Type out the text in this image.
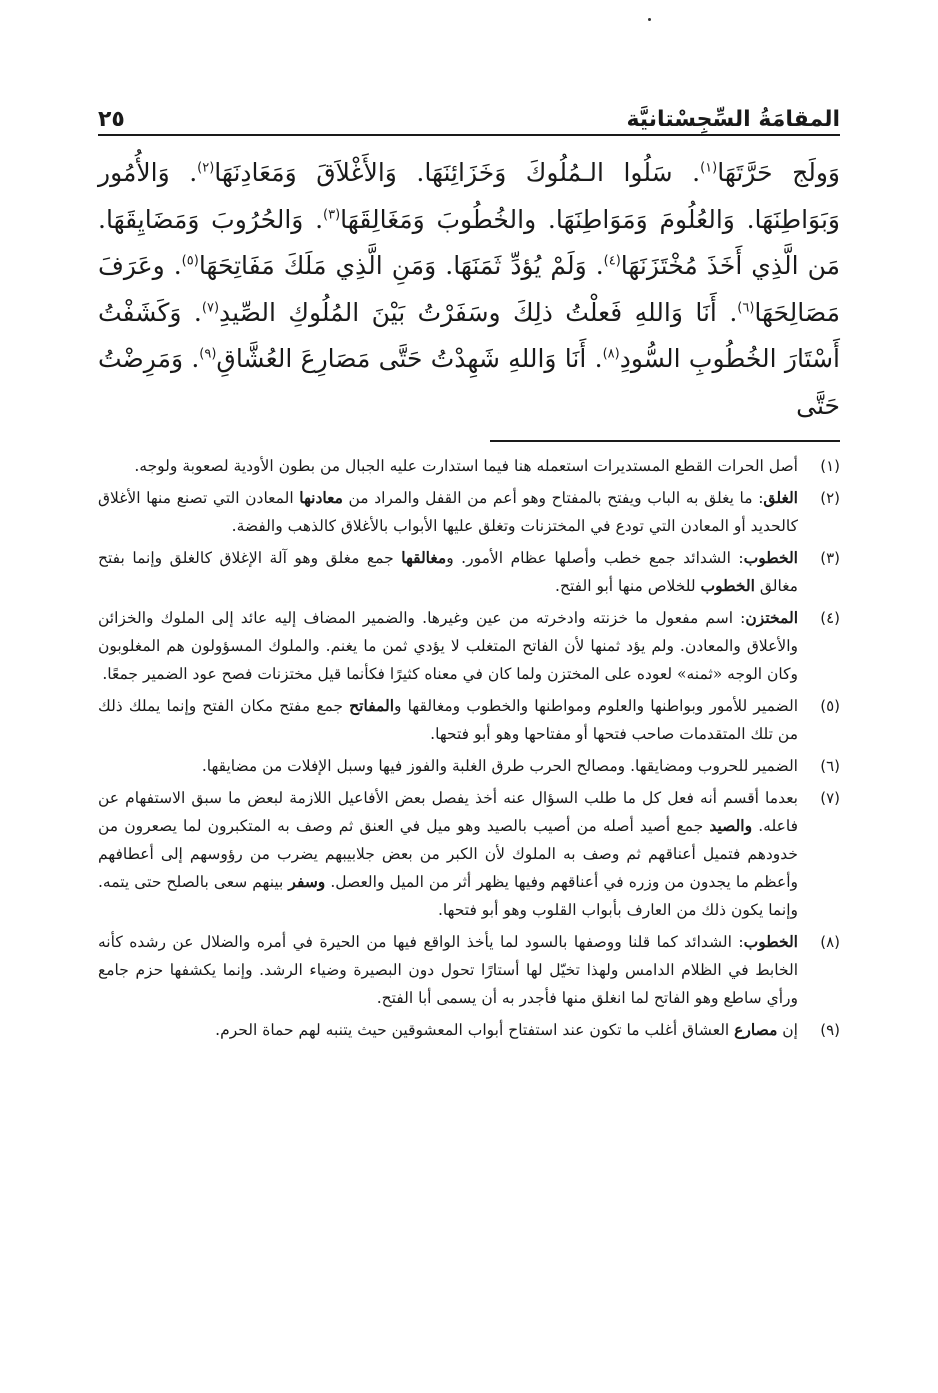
٢٥	المقامَةُ السِّجِسْتانيَّة
وَولَج حَرَّتَهَا$^{(١)}$. سَلُوا الـمُلُوكَ وَخَزَائِنَهَا. وَالأَغْلاَقَ وَمَعَادِنَهَا$^{(٢)}$. وَالأُمُور وَبَوَاطِنَهَا. وَالعُلُومَ وَمَوَاطِنَهَا. والخُطُوبَ وَمَغَالِقَهَا$^{(٣)}$. وَالحُرُوبَ وَمَضَايِقَهَا. مَن الَّذِي أَخَذَ مُخْتَزَنَهَا$^{(٤)}$. وَلَمْ يُؤدِّ ثَمَنَهَا. وَمَنِ الَّذِي مَلَكَ مَفَاتِحَهَا$^{(٥)}$. وعَرَفَ مَصَالِحَهَا$^{(٦)}$. أَنَا وَاللهِ فَعلْتُ ذلِكَ وسَفَرْتُ بَيْنَ المُلُوكِ الصِّيدِ$^{(٧)}$. وَكَشَفْتُ أَسْتَارَ الخُطُوبِ السُّودِ$^{(٨)}$. أَنَا وَاللهِ شَهِدْتُ حَتَّى مَصَارِعَ العُشَّاقِ$^{(٩)}$. وَمَرِضْتُ حَتَّى
(١)
أصل الحرات القطع المستديرات استعمله هنا فيما استدارت عليه الجبال من بطون الأودية لصعوبة ولوجه.
(٢)
الغلق: ما يغلق به الباب ويفتح بالمفتاح وهو أعم من القفل والمراد من معادنها المعادن التي تصنع منها الأغلاق كالحديد أو المعادن التي تودع في المختزنات وتغلق عليها الأبواب بالأغلاق كالذهب والفضة.
(٣)
الخطوب: الشدائد جمع خطب وأصلها عظام الأمور. ومغالقها جمع مغلق وهو آلة الإغلاق كالغلق وإنما بفتح مغالق الخطوب للخلاص منها أبو الفتح.
(٤)
المختزن: اسم مفعول ما خزنته وادخرته من عين وغيرها. والضمير المضاف إليه عائد إلى الملوك والخزائن والأعلاق والمعادن. ولم يؤد ثمنها لأن الفاتح المتغلب لا يؤدي ثمن ما يغنم. والملوك المسؤولون هم المغلوبون وكان الوجه «ثمنه» لعوده على المختزن ولما كان في معناه كثيرًا فكأنما قيل مختزنات فصح عود الضمير جمعًا.
(٥)
الضمير للأمور وبواطنها والعلوم ومواطنها والخطوب ومغالقها والمفاتح جمع مفتح مكان الفتح وإنما يملك ذلك من تلك المتقدمات صاحب فتحها أو مفتاحها وهو أبو فتحها.
(٦)
الضمير للحروب ومضايقها. ومصالح الحرب طرق الغلبة والفوز فيها وسبل الإفلات من مضايقها.
(٧)
بعدما أقسم أنه فعل كل ما طلب السؤال عنه أخذ يفصل بعض الأفاعيل اللازمة لبعض ما سبق الاستفهام عن فاعله. والصيد جمع أصيد أصله من أصيب بالصيد وهو ميل في العنق ثم وصف به المتكبرون لما يصعرون من خدودهم فتميل أعناقهم ثم وصف به الملوك لأن الكبر من بعض جلابيبهم يضرب من رؤوسهم إلى أعطافهم وأعظم ما يجدون من وزره في أعناقهم وفيها يظهر أثر من الميل والعصل. وسفر بينهم سعى بالصلح حتى يتمه. وإنما يكون ذلك من العارف بأبواب القلوب وهو أبو فتحها.
(٨)
الخطوب: الشدائد كما قلنا ووصفها بالسود لما يأخذ الواقع فيها من الحيرة في أمره والضلال عن رشده كأنه الخابط في الظلام الدامس ولهذا تخيّل لها أستارًا تحول دون البصيرة وضياء الرشد. وإنما يكشفها حزم جامع ورأي ساطع وهو الفاتح لما انغلق منها فأجدر به أن يسمى أبا الفتح.
(٩)
إن مصارع العشاق أغلب ما تكون عند استفتاح أبواب المعشوقين حيث يتنبه لهم حماة الحرم.
